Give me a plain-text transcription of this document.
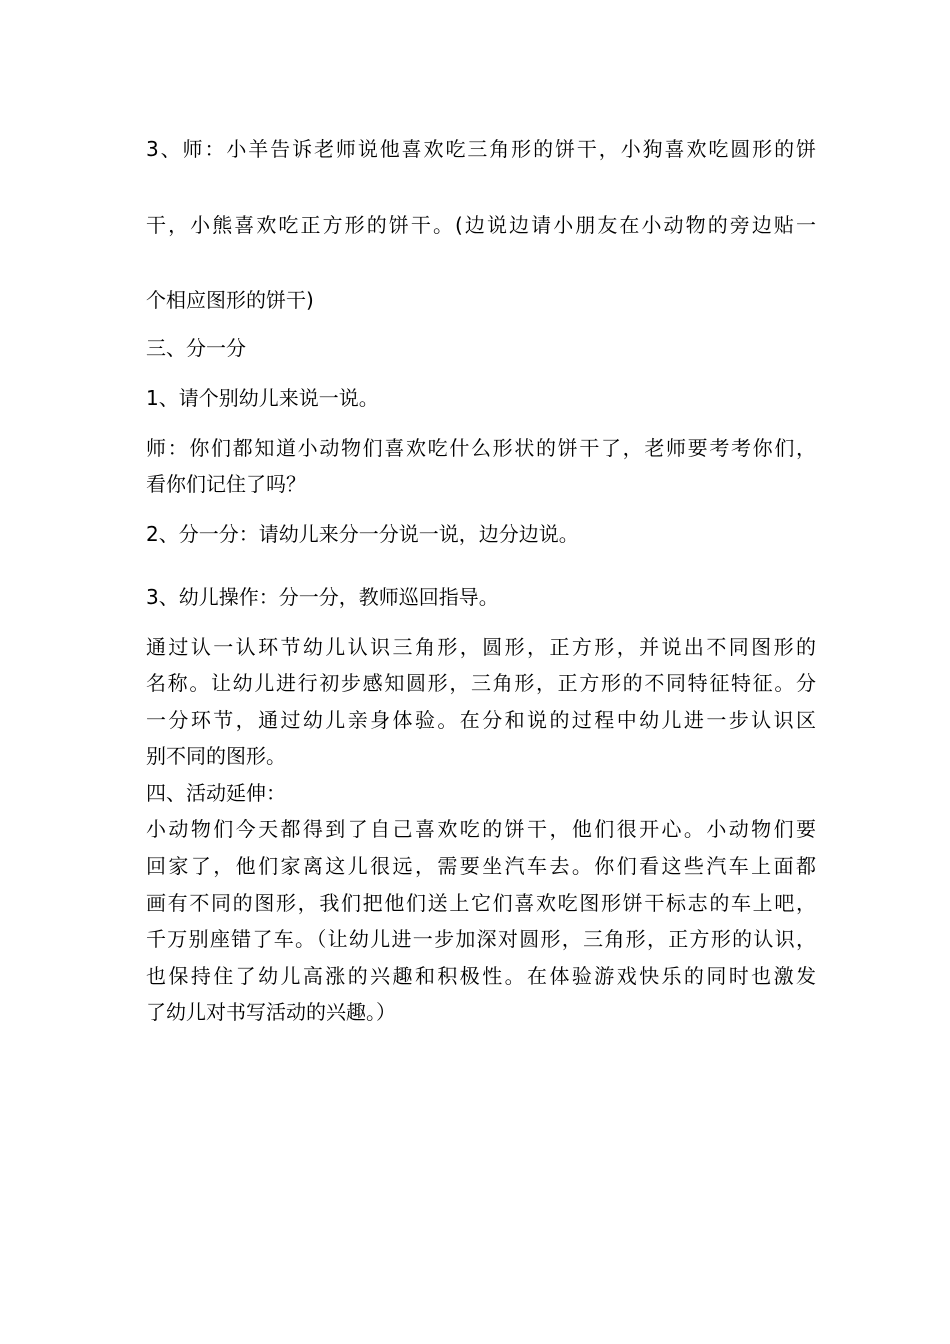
3、师：小羊告诉老师说他喜欢吃三角形的饼干，小狗喜欢吃圆形的饼
干，小熊喜欢吃正方形的饼干。(边说边请小朋友在小动物的旁边贴一
个相应图形的饼干)
三、分一分
1、请个别幼儿来说一说。
师：你们都知道小动物们喜欢吃什么形状的饼干了，老师要考考你们，
看你们记住了吗？
2、分一分：请幼儿来分一分说一说，边分边说。
3、幼儿操作：分一分，教师巡回指导。
通过认一认环节幼儿认识三角形，圆形，正方形，并说出不同图形的
名称。让幼儿进行初步感知圆形，三角形，正方形的不同特征特征。分
一分环节，通过幼儿亲身体验。在分和说的过程中幼儿进一步认识区
别不同的图形。
四、活动延伸：
小动物们今天都得到了自己喜欢吃的饼干，他们很开心。小动物们要
回家了，他们家离这儿很远，需要坐汽车去。你们看这些汽车上面都
画有不同的图形，我们把他们送上它们喜欢吃图形饼干标志的车上吧，
千万别座错了车。（让幼儿进一步加深对圆形，三角形，正方形的认识，
也保持住了幼儿高涨的兴趣和积极性。在体验游戏快乐的同时也激发
了幼儿对书写活动的兴趣。）
